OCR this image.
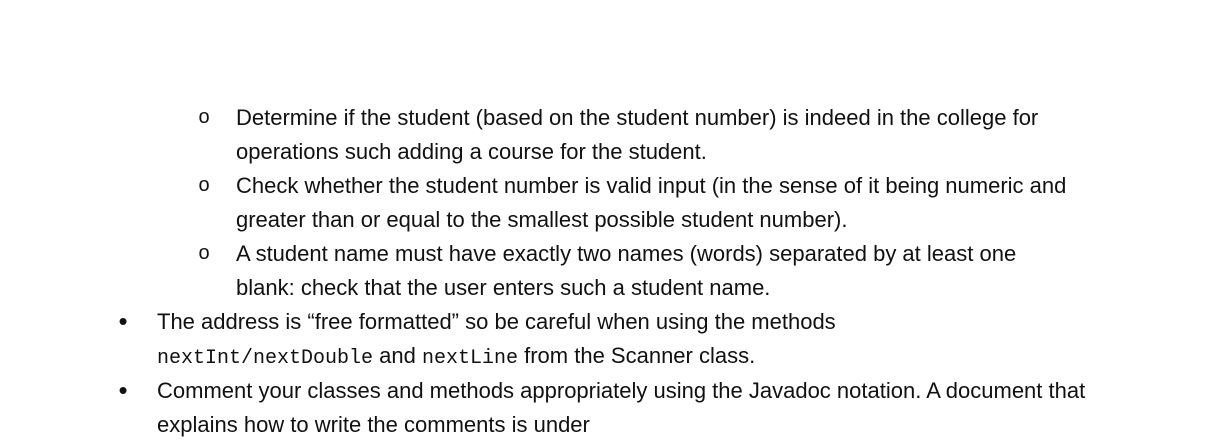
o Determine if the student (based on the student number) is indeed in the college for
operations such adding a course for the student.
o Check whether the student number is valid input (in the sense of it being numeric and
greater than or equal to the smallest possible student number).
o A student name must have exactly two names (words) separated by at least one
blank: check that the user enters such a student name.
• The address is “free formatted” so be careful when using the methods
nextInt/nextDouble and nextLine from the Scanner class.
• Comment your classes and methods appropriately using the Javadoc notation. A document that
explains how to write the comments is under
